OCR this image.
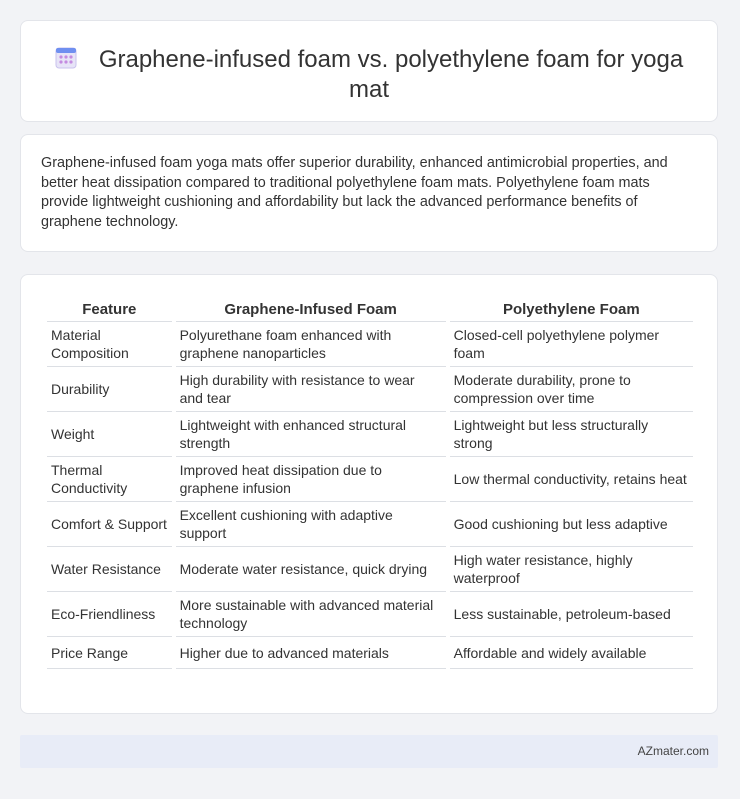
Graphene-infused foam vs. polyethylene foam for yoga mat

Graphene-infused foam yoga mats offer superior durability, enhanced antimicrobial properties, and better heat dissipation compared to traditional polyethylene foam mats. Polyethylene foam mats provide lightweight cushioning and affordability but lack the advanced performance benefits of graphene technology.

Feature	Graphene-Infused Foam	Polyethylene Foam
Material Composition	Polyurethane foam enhanced with graphene nanoparticles	Closed-cell polyethylene polymer foam
Durability	High durability with resistance to wear and tear	Moderate durability, prone to compression over time
Weight	Lightweight with enhanced structural strength	Lightweight but less structurally strong
Thermal Conductivity	Improved heat dissipation due to graphene infusion	Low thermal conductivity, retains heat
Comfort & Support	Excellent cushioning with adaptive support	Good cushioning but less adaptive
Water Resistance	Moderate water resistance, quick drying	High water resistance, highly waterproof
Eco-Friendliness	More sustainable with advanced material technology	Less sustainable, petroleum-based
Price Range	Higher due to advanced materials	Affordable and widely available
AZmater.com
